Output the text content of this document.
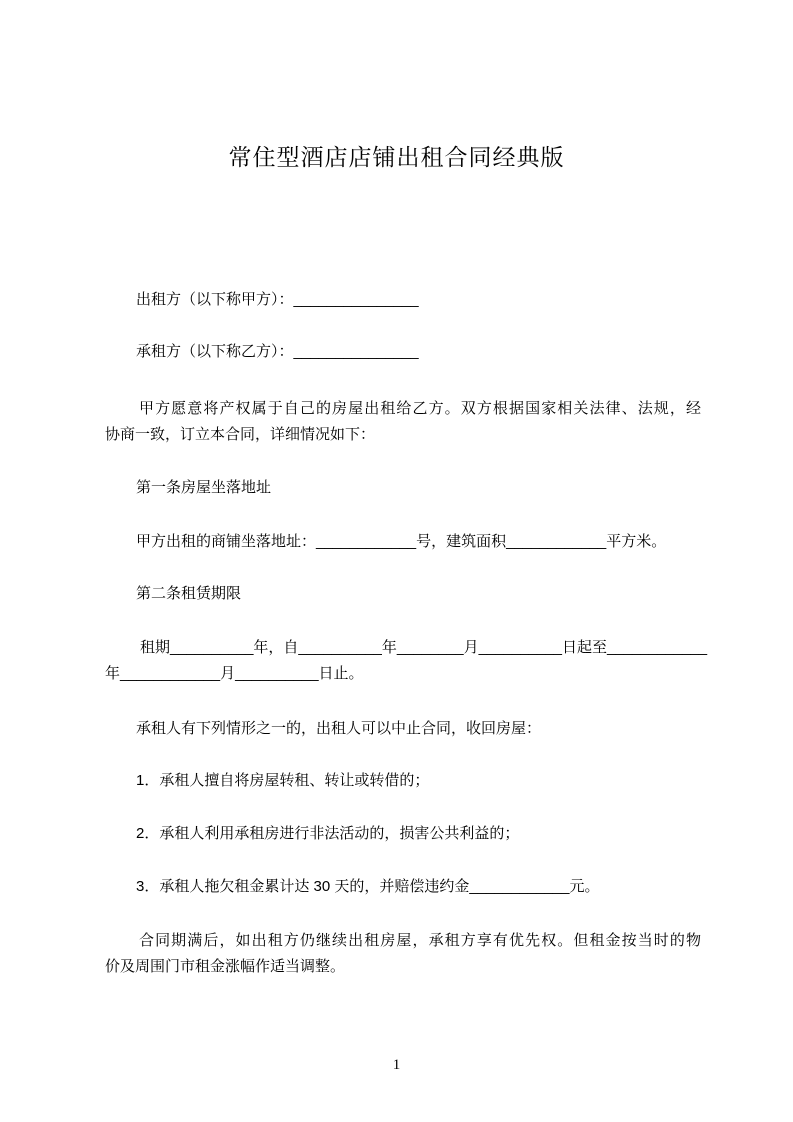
常住型酒店店铺出租合同经典版
出租方（以下称甲方）：_______________
承租方（以下称乙方）：_______________
甲方愿意将产权属于自己的房屋出租给乙方。双方根据国家相关法律、法规，经
协商一致，订立本合同，详细情况如下：
第一条房屋坐落地址
甲方出租的商铺坐落地址：____________号，建筑面积____________平方米。
第二条租赁期限
租期__________年，自__________年________月__________日起至____________
年____________月__________日止。
承租人有下列情形之一的，出租人可以中止合同，收回房屋：
1．承租人擅自将房屋转租、转让或转借的；
2．承租人利用承租房进行非法活动的，损害公共利益的；
3．承租人拖欠租金累计达 30 天的，并赔偿违约金____________元。
合同期满后，如出租方仍继续出租房屋，承租方享有优先权。但租金按当时的物
价及周围门市租金涨幅作适当调整。
1
